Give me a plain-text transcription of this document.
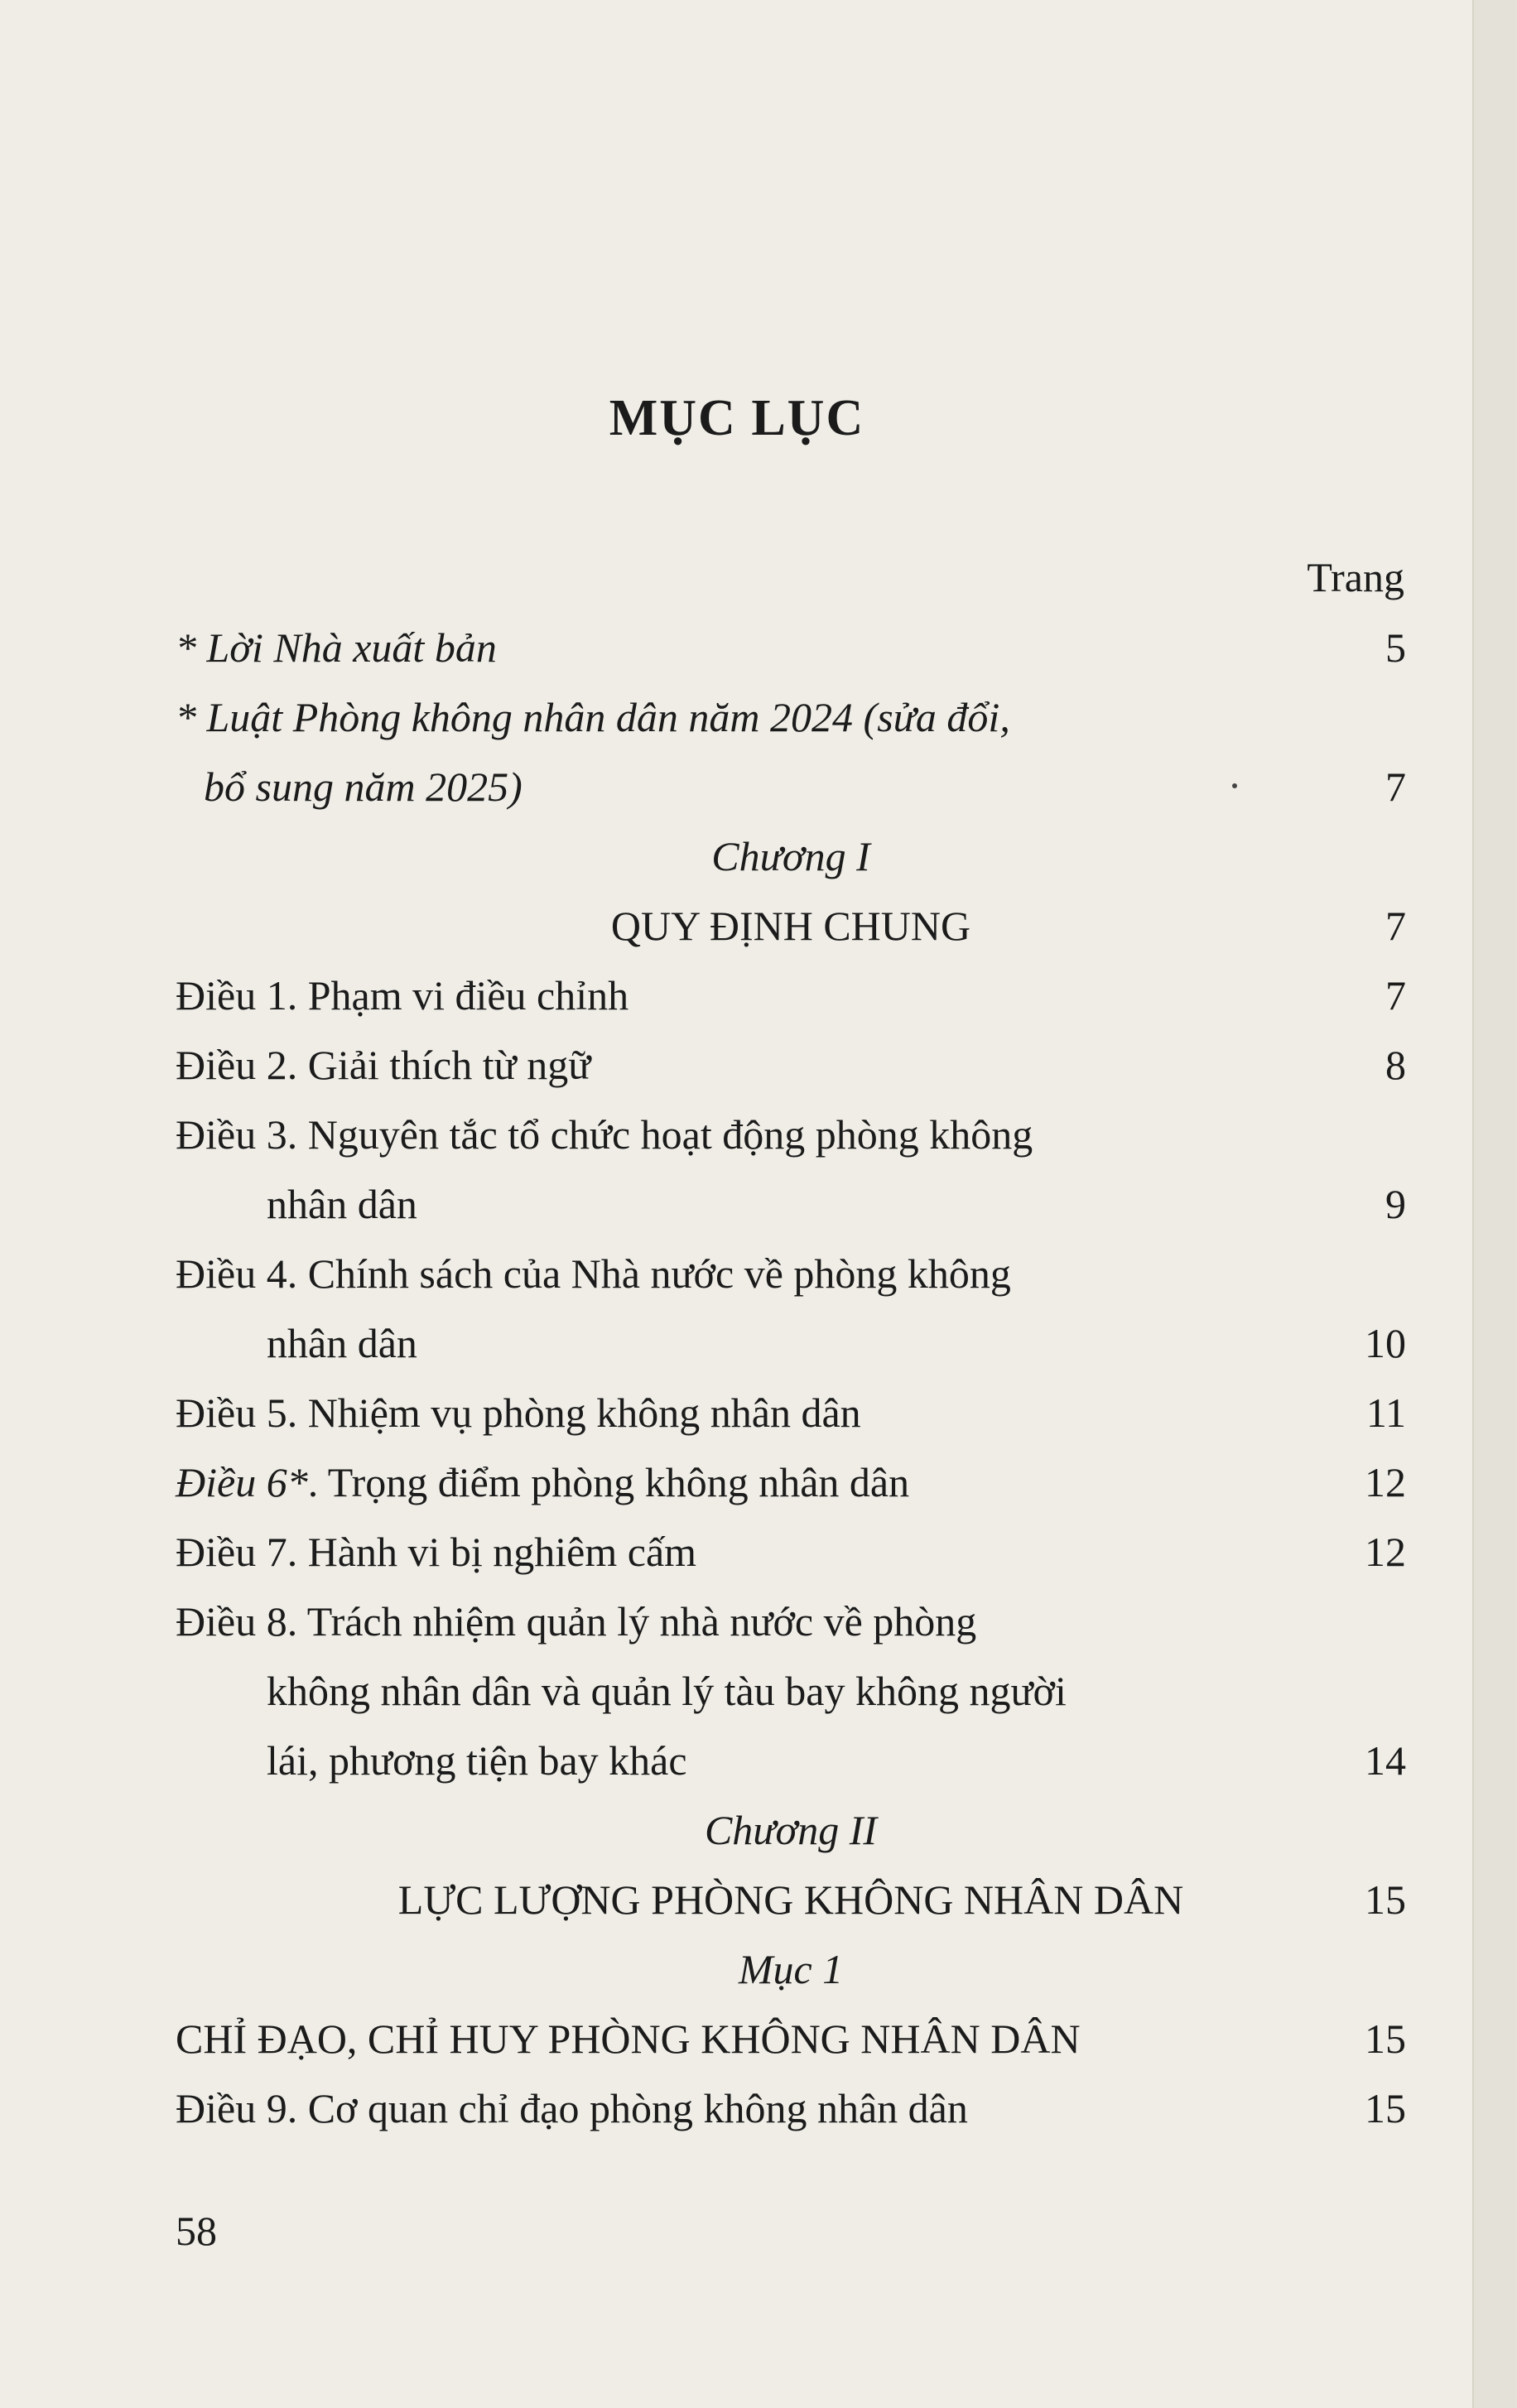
MỤC LỤC
Trang
* Lời Nhà xuất bản	5
* Luật Phòng không nhân dân năm 2024 (sửa đổi,
bổ sung năm 2025)	7
Chương I
QUY ĐỊNH CHUNG	7
Điều 1. Phạm vi điều chỉnh	7
Điều 2. Giải thích từ ngữ	8
Điều 3. Nguyên tắc tổ chức hoạt động phòng không
nhân dân	9
Điều 4. Chính sách của Nhà nước về phòng không
nhân dân	10
Điều 5. Nhiệm vụ phòng không nhân dân	11
Điều 6*. Trọng điểm phòng không nhân dân	12
Điều 7. Hành vi bị nghiêm cấm	12
Điều 8. Trách nhiệm quản lý nhà nước về phòng
không nhân dân và quản lý tàu bay không người
lái, phương tiện bay khác	14
Chương II
LỰC LƯỢNG PHÒNG KHÔNG NHÂN DÂN	15
Mục 1
CHỈ ĐẠO, CHỈ HUY PHÒNG KHÔNG NHÂN DÂN	15
Điều 9. Cơ quan chỉ đạo phòng không nhân dân	15
58
